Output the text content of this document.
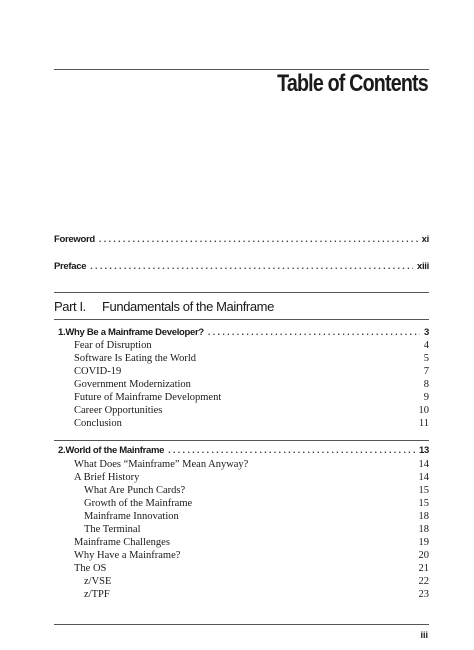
Table of Contents
Foreword .....	xi
Preface .....	xiii
Part I. Fundamentals of the Mainframe
1. Why Be a Mainframe Developer? .....	3
Fear of Disruption	4
Software Is Eating the World	5
COVID-19	7
Government Modernization	8
Future of Mainframe Development	9
Career Opportunities	10
Conclusion	11
2. World of the Mainframe .....	13
What Does “Mainframe” Mean Anyway?	14
A Brief History	14
What Are Punch Cards?	15
Growth of the Mainframe	15
Mainframe Innovation	18
The Terminal	18
Mainframe Challenges	19
Why Have a Mainframe?	20
The OS	21
z/VSE	22
z/TPF	23
iii
